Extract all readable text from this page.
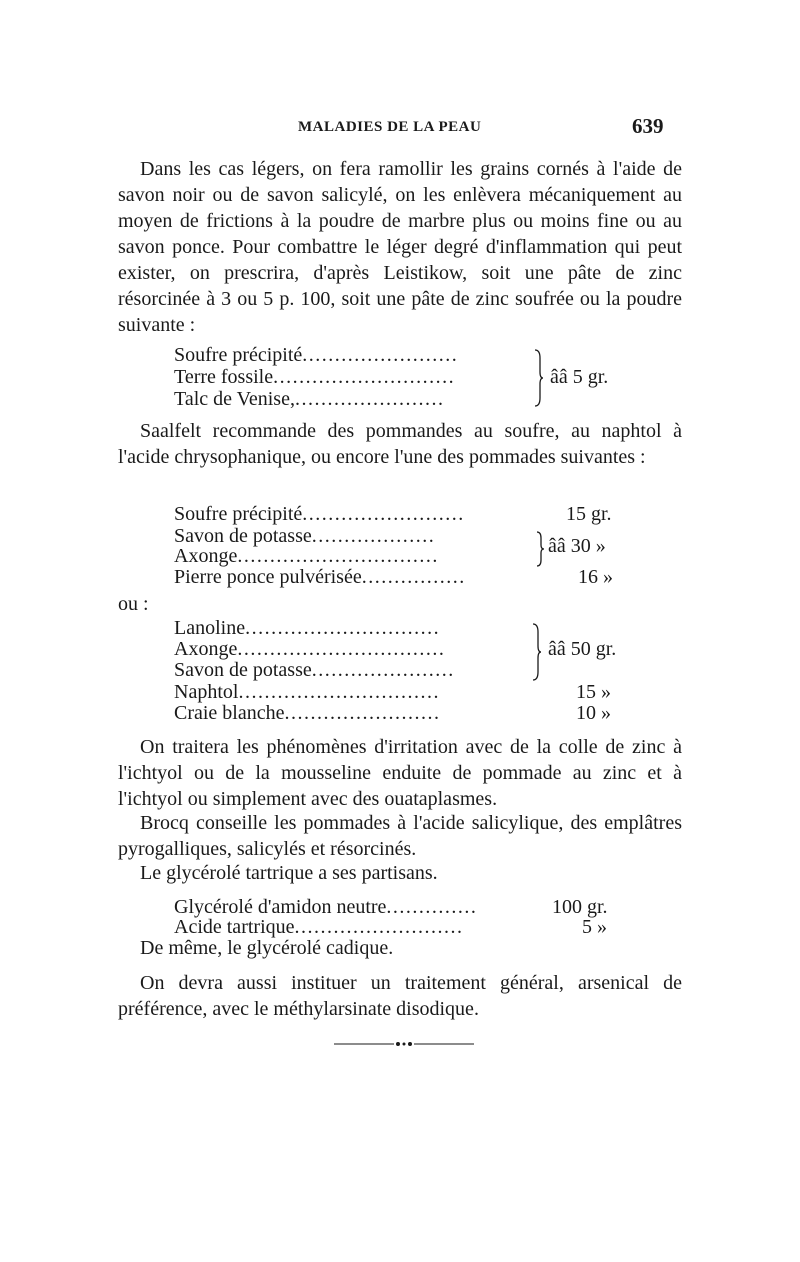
MALADIES DE LA PEAU	639

Dans les cas légers, on fera ramollir les grains cornés à l'aide de savon noir ou de savon salicylé, on les enlèvera mécaniquement au moyen de frictions à la poudre de marbre plus ou moins fine ou au savon ponce. Pour combattre le léger degré d'inflammation qui peut exister, on prescrira, d'après Leistikow, soit une pâte de zinc résorcinée à 3 ou 5 p. 100, soit une pâte de zinc soufrée ou la poudre suivante :

Soufre précipité........................
Terre fossile............................
Talc de Venise,.......................
ââ 5 gr.

Saalfelt recommande des pommandes au soufre, au naphtol à l'acide chrysophanique, ou encore l'une des pommades suivantes :

Soufre précipité.........................	15 gr.
Savon de potasse...................
Axonge...............................	ââ 30 »
Pierre ponce pulvérisée................	16 »
ou :
Lanoline..............................
Axonge................................
Savon de potasse......................
ââ 50 gr.
Naphtol...............................	15 »
Craie blanche........................	10 »

On traitera les phénomènes d'irritation avec de la colle de zinc à l'ichtyol ou de la mousseline enduite de pommade au zinc et à l'ichtyol ou simplement avec des ouataplasmes.

Brocq conseille les pommades à l'acide salicylique, des emplâtres pyrogalliques, salicylés et résorcinés.

Le glycérolé tartrique a ses partisans.

Glycérolé d'amidon neutre..............	100 gr.
Acide tartrique..........................	5 »

De même, le glycérolé cadique.

On devra aussi instituer un traitement général, arsenical de préférence, avec le méthylarsinate disodique.
